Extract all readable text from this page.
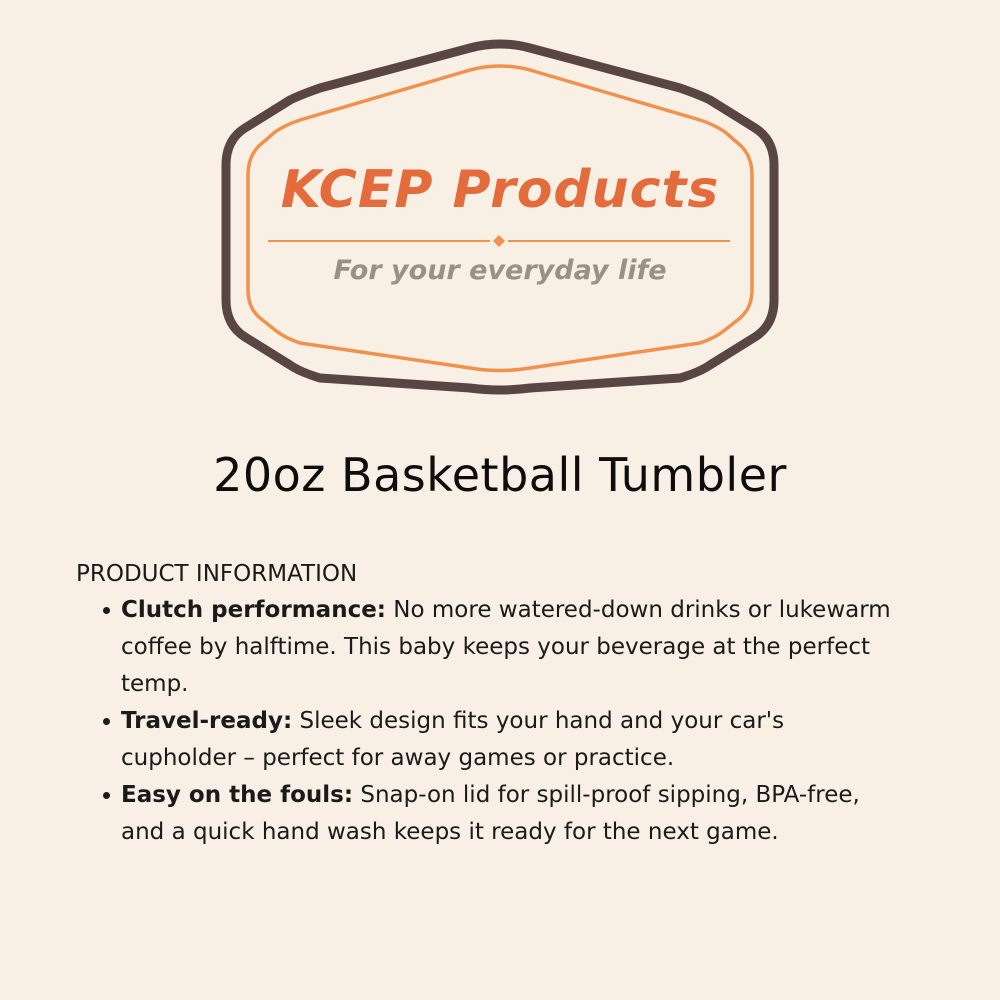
KCEP Products

For your everyday life

20oz Basketball Tumbler
PRODUCT INFORMATION
Clutch performance: No more watered-down drinks or lukewarm coffee by halftime. This baby keeps your beverage at the perfect temp.
Travel-ready: Sleek design fits your hand and your car's cupholder – perfect for away games or practice.
Easy on the fouls: Snap-on lid for spill-proof sipping, BPA-free, and a quick hand wash keeps it ready for the next game.
